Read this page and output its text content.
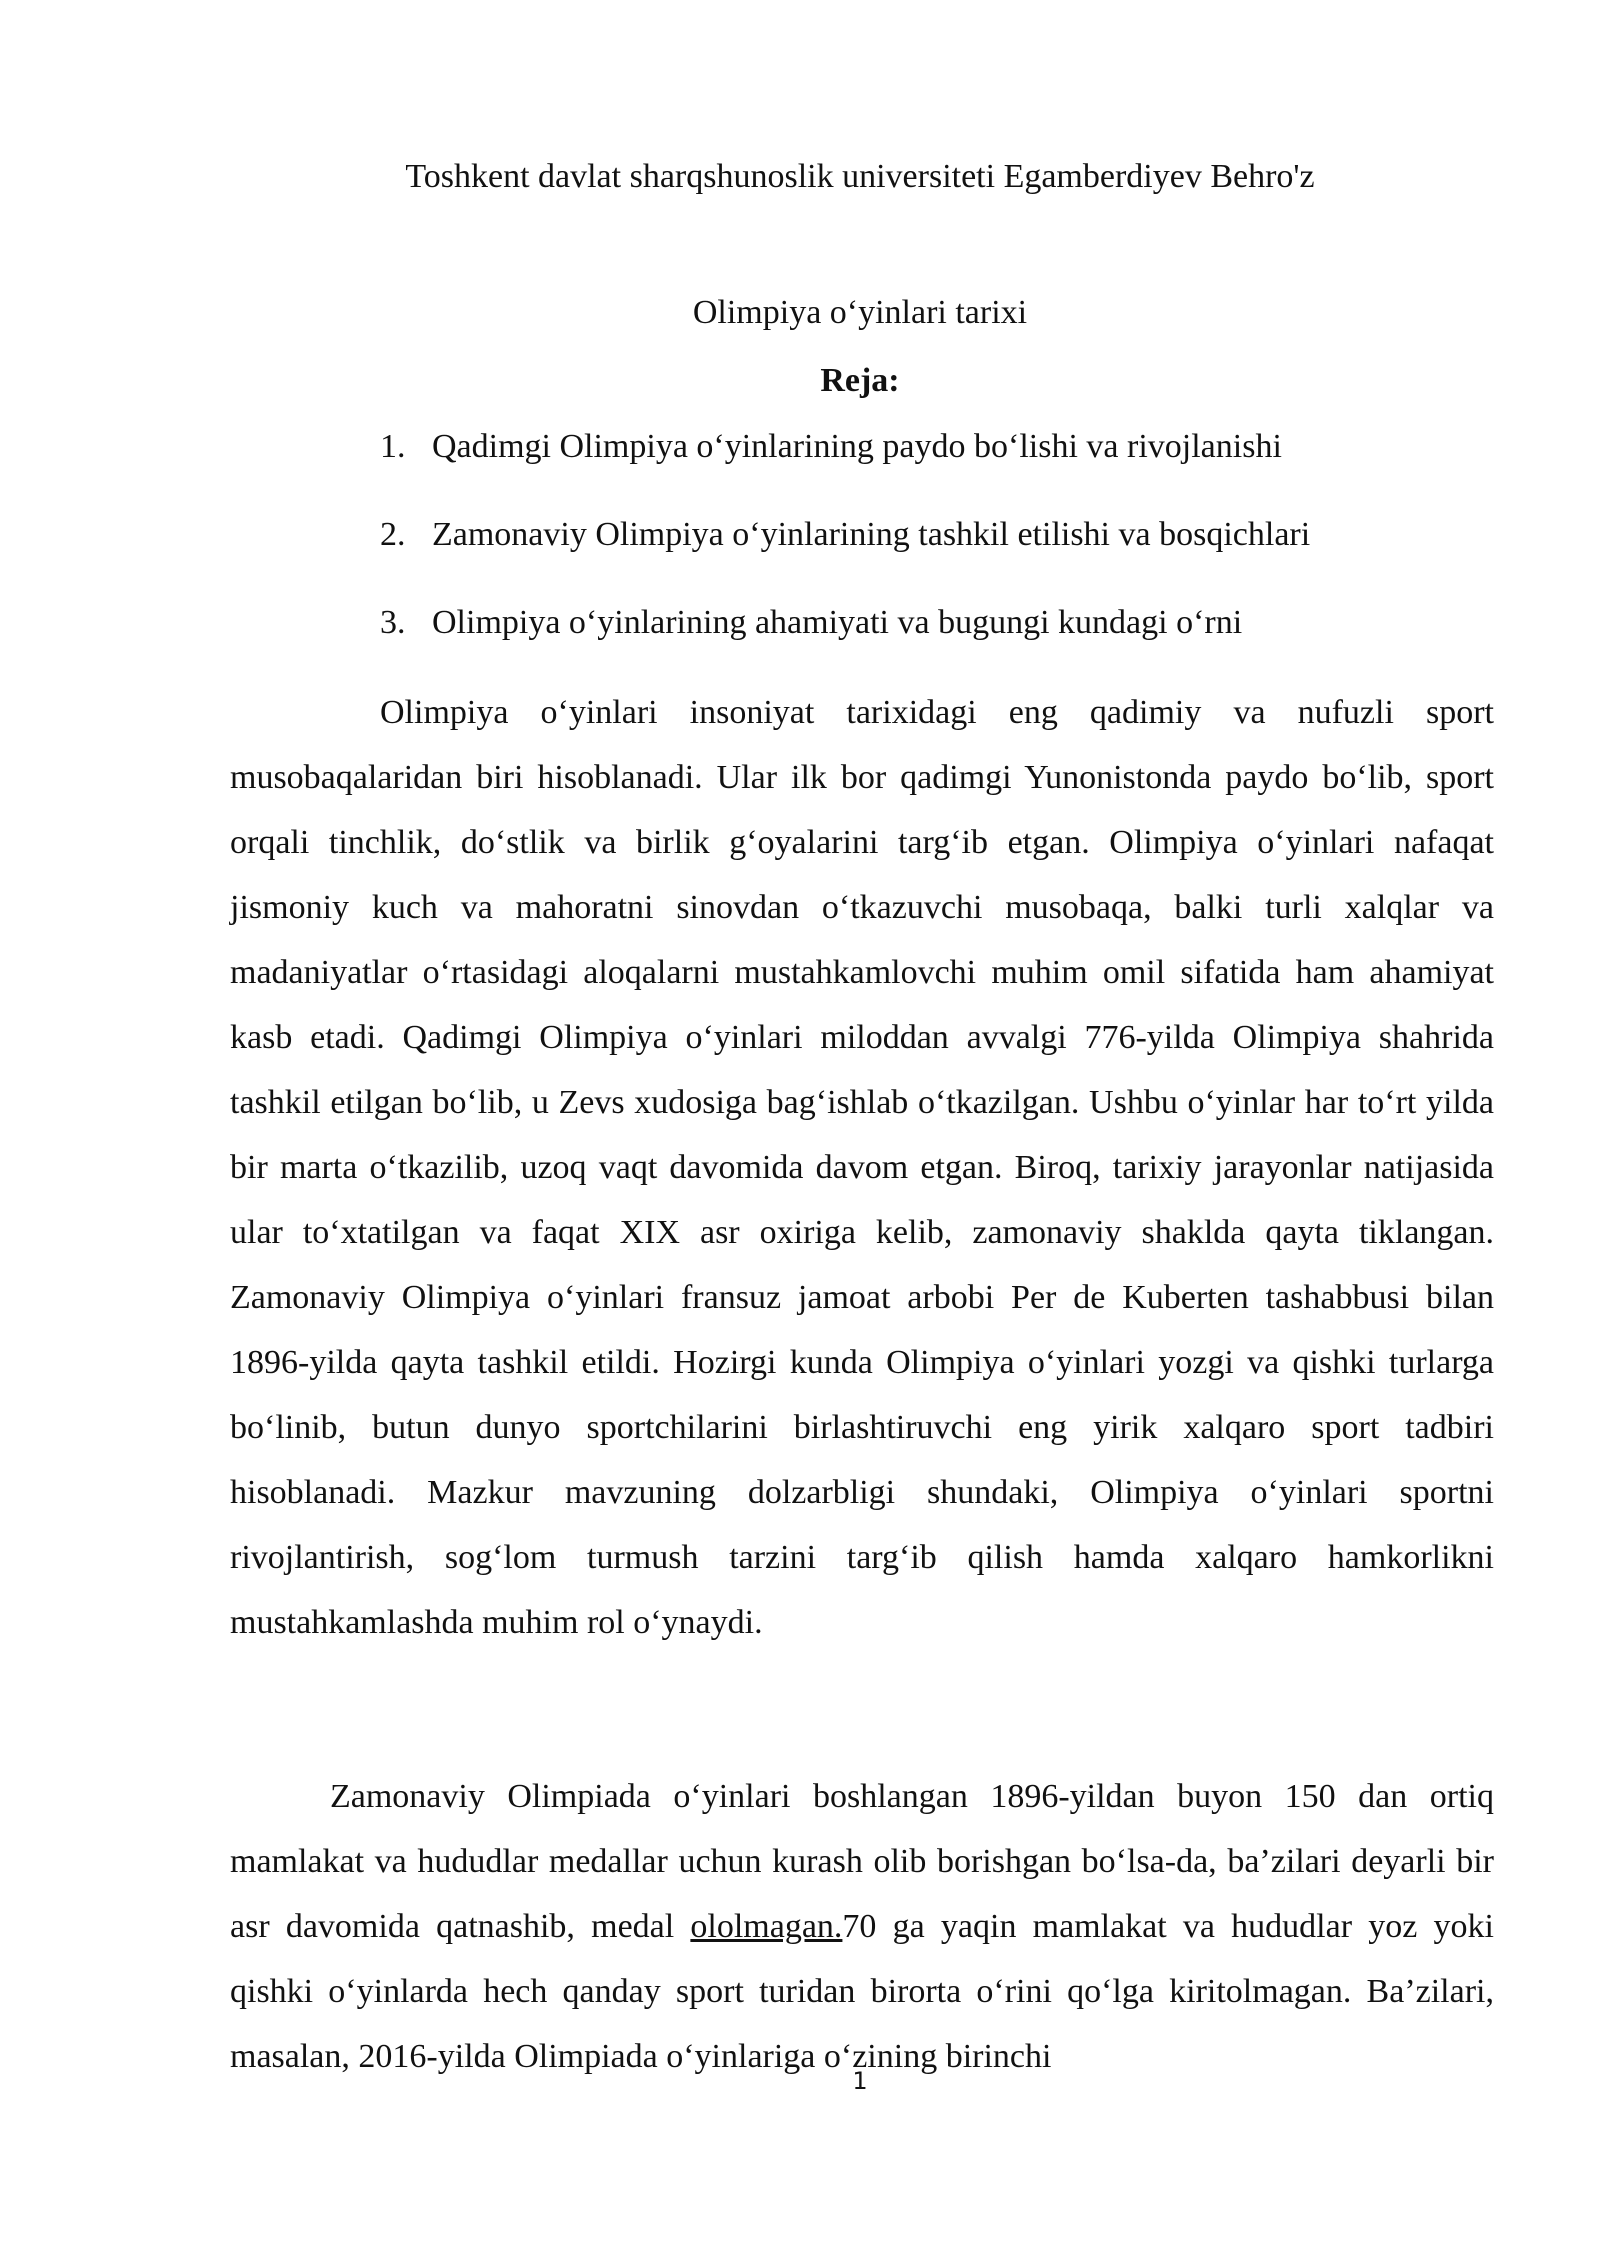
Toshkent davlat sharqshunoslik universiteti Egamberdiyev Behro'z
Olimpiya o‘yinlari tarixi
Reja:
1. Qadimgi Olimpiya o‘yinlarining paydo bo‘lishi va rivojlanishi
2. Zamonaviy Olimpiya o‘yinlarining tashkil etilishi va bosqichlari
3. Olimpiya o‘yinlarining ahamiyati va bugungi kundagi o‘rni
Olimpiya o‘yinlari insoniyat tarixidagi eng qadimiy va nufuzli sport musobaqalaridan biri hisoblanadi. Ular ilk bor qadimgi Yunonistonda paydo bo‘lib, sport orqali tinchlik, do‘stlik va birlik g‘oyalarini targ‘ib etgan. Olimpiya o‘yinlari nafaqat jismoniy kuch va mahoratni sinovdan o‘tkazuvchi musobaqa, balki turli xalqlar va madaniyatlar o‘rtasidagi aloqalarni mustahkamlovchi muhim omil sifatida ham ahamiyat kasb etadi. Qadimgi Olimpiya o‘yinlari miloddan avvalgi 776-yilda Olimpiya shahrida tashkil etilgan bo‘lib, u Zevs xudosiga bag‘ishlab o‘tkazilgan. Ushbu o‘yinlar har to‘rt yilda bir marta o‘tkazilib, uzoq vaqt davomida davom etgan. Biroq, tarixiy jarayonlar natijasida ular to‘xtatilgan va faqat XIX asr oxiriga kelib, zamonaviy shaklda qayta tiklangan. Zamonaviy Olimpiya o‘yinlari fransuz jamoat arbobi Per de Kuberten tashabbusi bilan 1896-yilda qayta tashkil etildi. Hozirgi kunda Olimpiya o‘yinlari yozgi va qishki turlarga bo‘linib, butun dunyo sportchilarini birlashtiruvchi eng yirik xalqaro sport tadbiri hisoblanadi. Mazkur mavzuning dolzarbligi shundaki, Olimpiya o‘yinlari sportni rivojlantirish, sog‘lom turmush tarzini targ‘ib qilish hamda xalqaro hamkorlikni mustahkamlashda muhim rol o‘ynaydi.
Zamonaviy Olimpiada o‘yinlari boshlangan 1896-yildan buyon 150 dan ortiq mamlakat va hududlar medallar uchun kurash olib borishgan bo‘lsa-da, ba’zilari deyarli bir asr davomida qatnashib, medal ololmagan.70 ga yaqin mamlakat va hududlar yoz yoki qishki o‘yinlarda hech qanday sport turidan birorta o‘rini qo‘lga kiritolmagan. Ba’zilari, masalan, 2016-yilda Olimpiada o‘yinlariga o‘zining birinchi
1
